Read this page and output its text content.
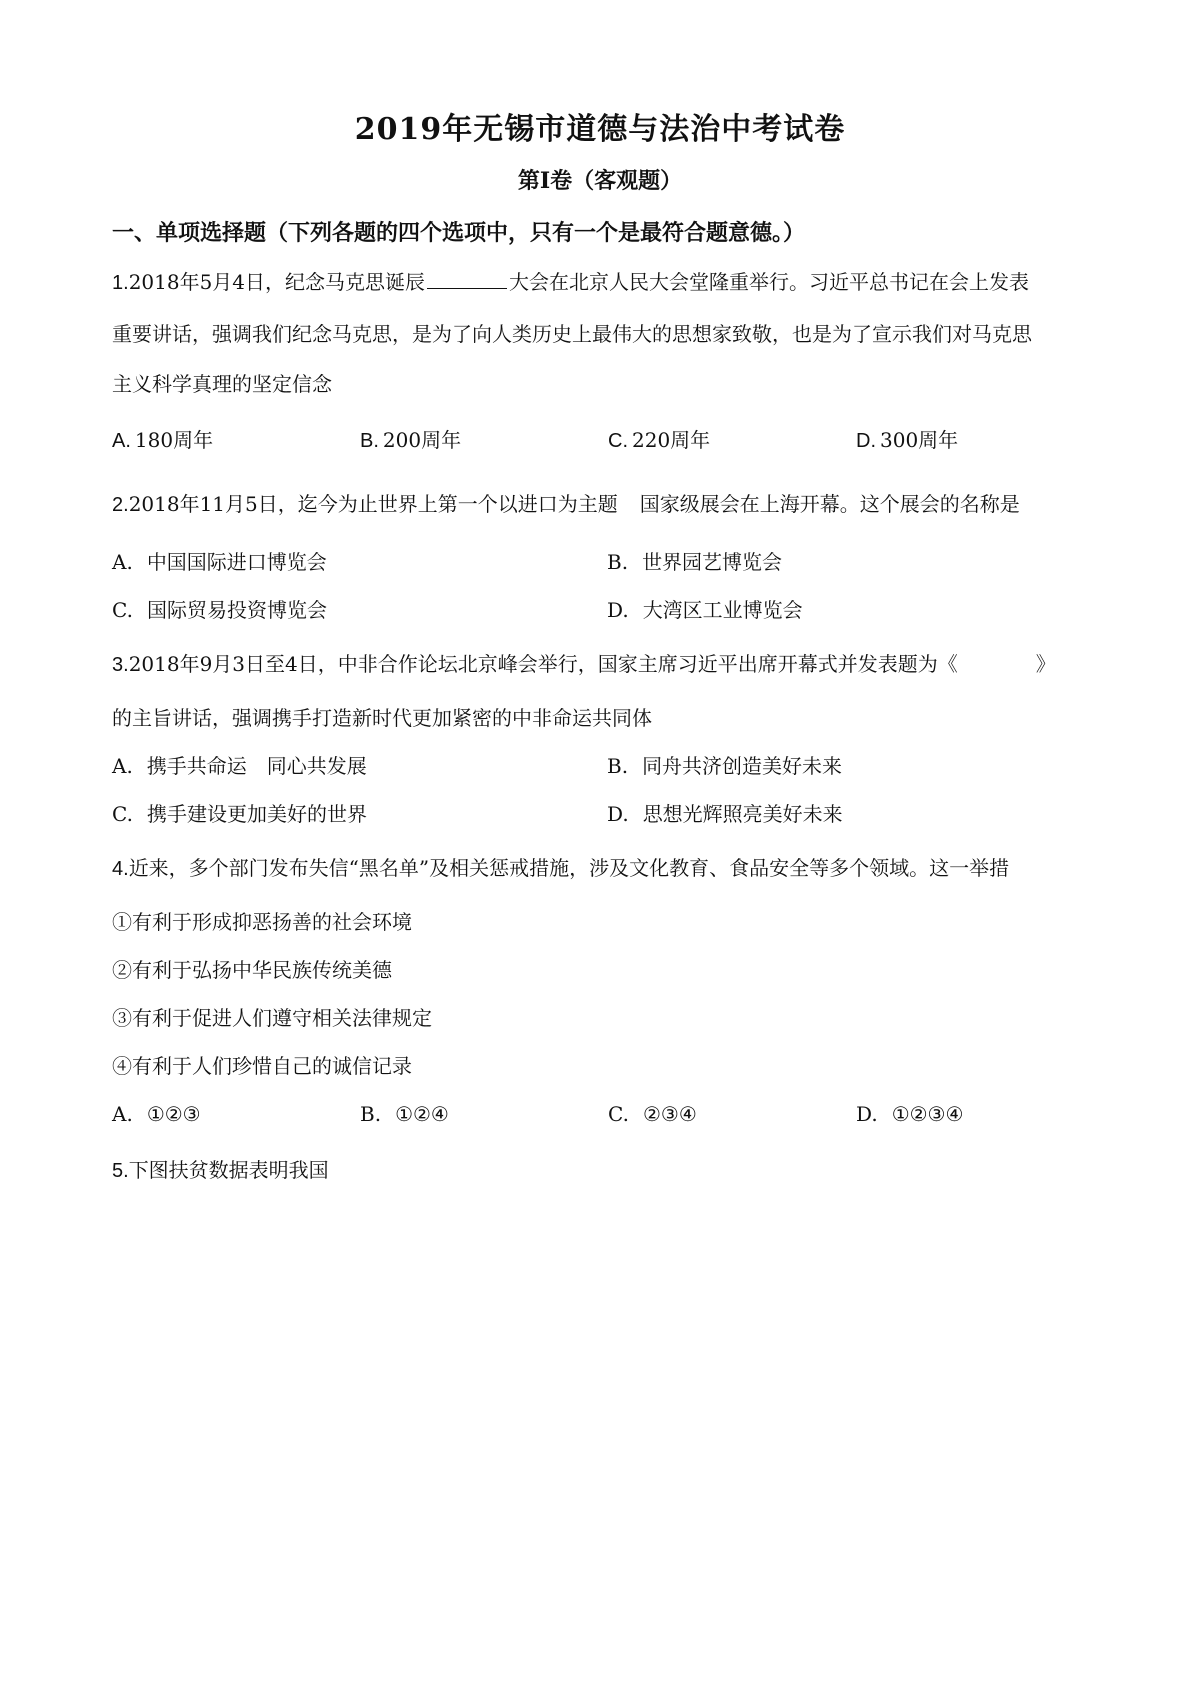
2019年无锡市道德与法治中考试卷
第Ⅰ卷（客观题）
一、单项选择题（下列各题的四个选项中，只有一个是最符合题意德。）
1.2018年5月4日，纪念马克思诞辰	大会在北京人民大会堂隆重举行。习近平总书记在会上发表
重要讲话，强调我们纪念马克思，是为了向人类历史上最伟大的思想家致敬，也是为了宣示我们对马克思
主义科学真理的坚定信念
A. 180周年	B. 200周年	C. 220周年	D. 300周年
2.2018年11月5日，迄今为止世界上第一个以进口为主题 国家级展会在上海开幕。这个展会的名称是
A. 中国国际进口博览会	B. 世界园艺博览会
C. 国际贸易投资博览会	D. 大湾区工业博览会
3.2018年9月3日至4日，中非合作论坛北京峰会举行，国家主席习近平出席开幕式并发表题为《	》
的主旨讲话，强调携手打造新时代更加紧密的中非命运共同体
A. 携手共命运　同心共发展	B. 同舟共济创造美好未来
C. 携手建设更加美好的世界	D. 思想光辉照亮美好未来
4.近来，多个部门发布失信“黑名单”及相关惩戒措施，涉及文化教育、食品安全等多个领域。这一举措
①有利于形成抑恶扬善的社会环境
②有利于弘扬中华民族传统美德
③有利于促进人们遵守相关法律规定
④有利于人们珍惜自己的诚信记录
A. ①②③	B. ①②④	C. ②③④	D. ①②③④
5.下图扶贫数据表明我国
